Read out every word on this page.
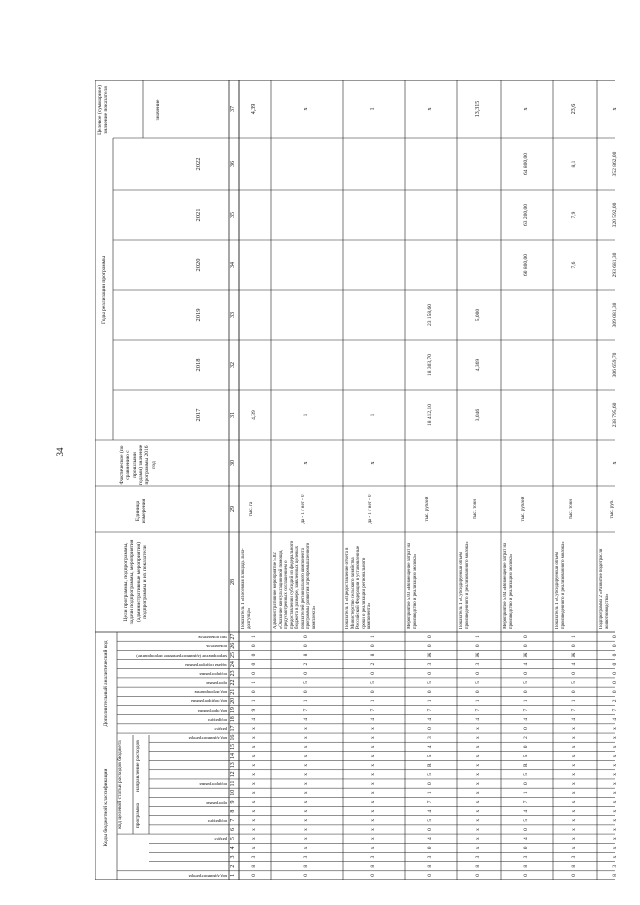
34
Коды бюджетной классификации
Дополнительный аналитический код
код целевой статьи расходов бюджета	программа
направление расходов
Цели программы, подпрограммы, задачи подпрограммы, мероприятия (административные мероприятия) подпрограммы и их показатели
Единица измерения
Фактическое (по сравнению с прошлыми годами) значение программы 2016 год
Годы реализации программы
Целевое (суммарное) значение показателя	значение
код администратора
раздел
подраздел
код программы
код подпрограммы
код мероприятия
программа
подпрограмма
задача подпрограммы
мероприятие (административное мероприятие)
показатель
тип показателя
код администратора
раздел
подраздел
программа
подпрограмма
1
2
3
4
5
6
7
8
9
10
11
12
13
14
15
16
17
18
19
20
21
22
23
24
25
26
27
28
29
30
31
32
33
34
35
36
37
2017
2018
2019
2020
2021
2022
0
8
3
x
x
x
x
x
x
x
x
x
x
x
x
x
x
4
9
1
0
1
0
0
0
0
1
Показатель 1 «Посевная площадь льна-долгунца»
тыс. га
4,39
4,39
0
8
3
x
x
x
x
x
x
x
x
x
x
x
x
x
x
4
7
1
0
5
0
2
8
0
0
Административное мероприятие 5.02 «Оказание консультационной помощи, предусмотренных соглашением о предоставлении субсидий из федерального бюджета в размере, заявленных целевых показателей регионального компонента программы развития агропромышленного комплекса»
да - 1 / нет - 0
x
1
x
0
8
3
x
x
x
x
x
x
x
x
x
x
x
x
x
x
4
7
1
0
5
0
2
8
0
1
Показатель 1 «Предоставление отчета в Министерство сельского хозяйства Российской Федерации в установленные сроки о реализации регионального компонента»
да - 1 / нет - 0
x
1
1
0
8
3
0
4
0
5
4
7
1
0
5
R
5
4
3
0
4
7
1
0
5
0
3
Ж
0
0
Мероприятие 5.03 «Возмещение затрат на производство и реализацию молока»
тыс. рублей
18 412,10
18 303,70
23 158,60
x
0
8
3
x
x
x
x
x
x
x
x
x
x
x
x
x
x
4
7
1
0
5
0
3
Ж
0
1
Показатель 1 «Субсидируемый объем произведенного и реализованного молока»
тыс. тонн
3,046
4,369
5,000
13,315
0
8
3
0
4
0
5
4
7
1
0
5
R
5
0
2
0
4
7
1
0
5
0
4
Ж
0
0
Мероприятие 5.04 «Возмещение затрат на производство и реализацию молока»
тыс. рублей
60 800,00
63 200,00
64 800,00
x
0
8
3
x
x
x
x
x
x
x
x
x
x
x
x
x
x
4
7
1
0
5
0
4
Ж
0
1
Показатель 1 «Субсидируемый объем произведенного и реализованного молока»
тыс. тонн
7,6
7,9
8,1
23,6
8
3
x
x
x
x
x
x
x
x
x
x
x
x
x
x
x
4
7
2
0
0
0
0
0
0
0
Подпрограмма 2 «Развитие подотрасли животноводства»
тыс. руб.
x
238 795,60
306 659,70
309 081,30
293 681,30
320 592,00
352 862,00
x
